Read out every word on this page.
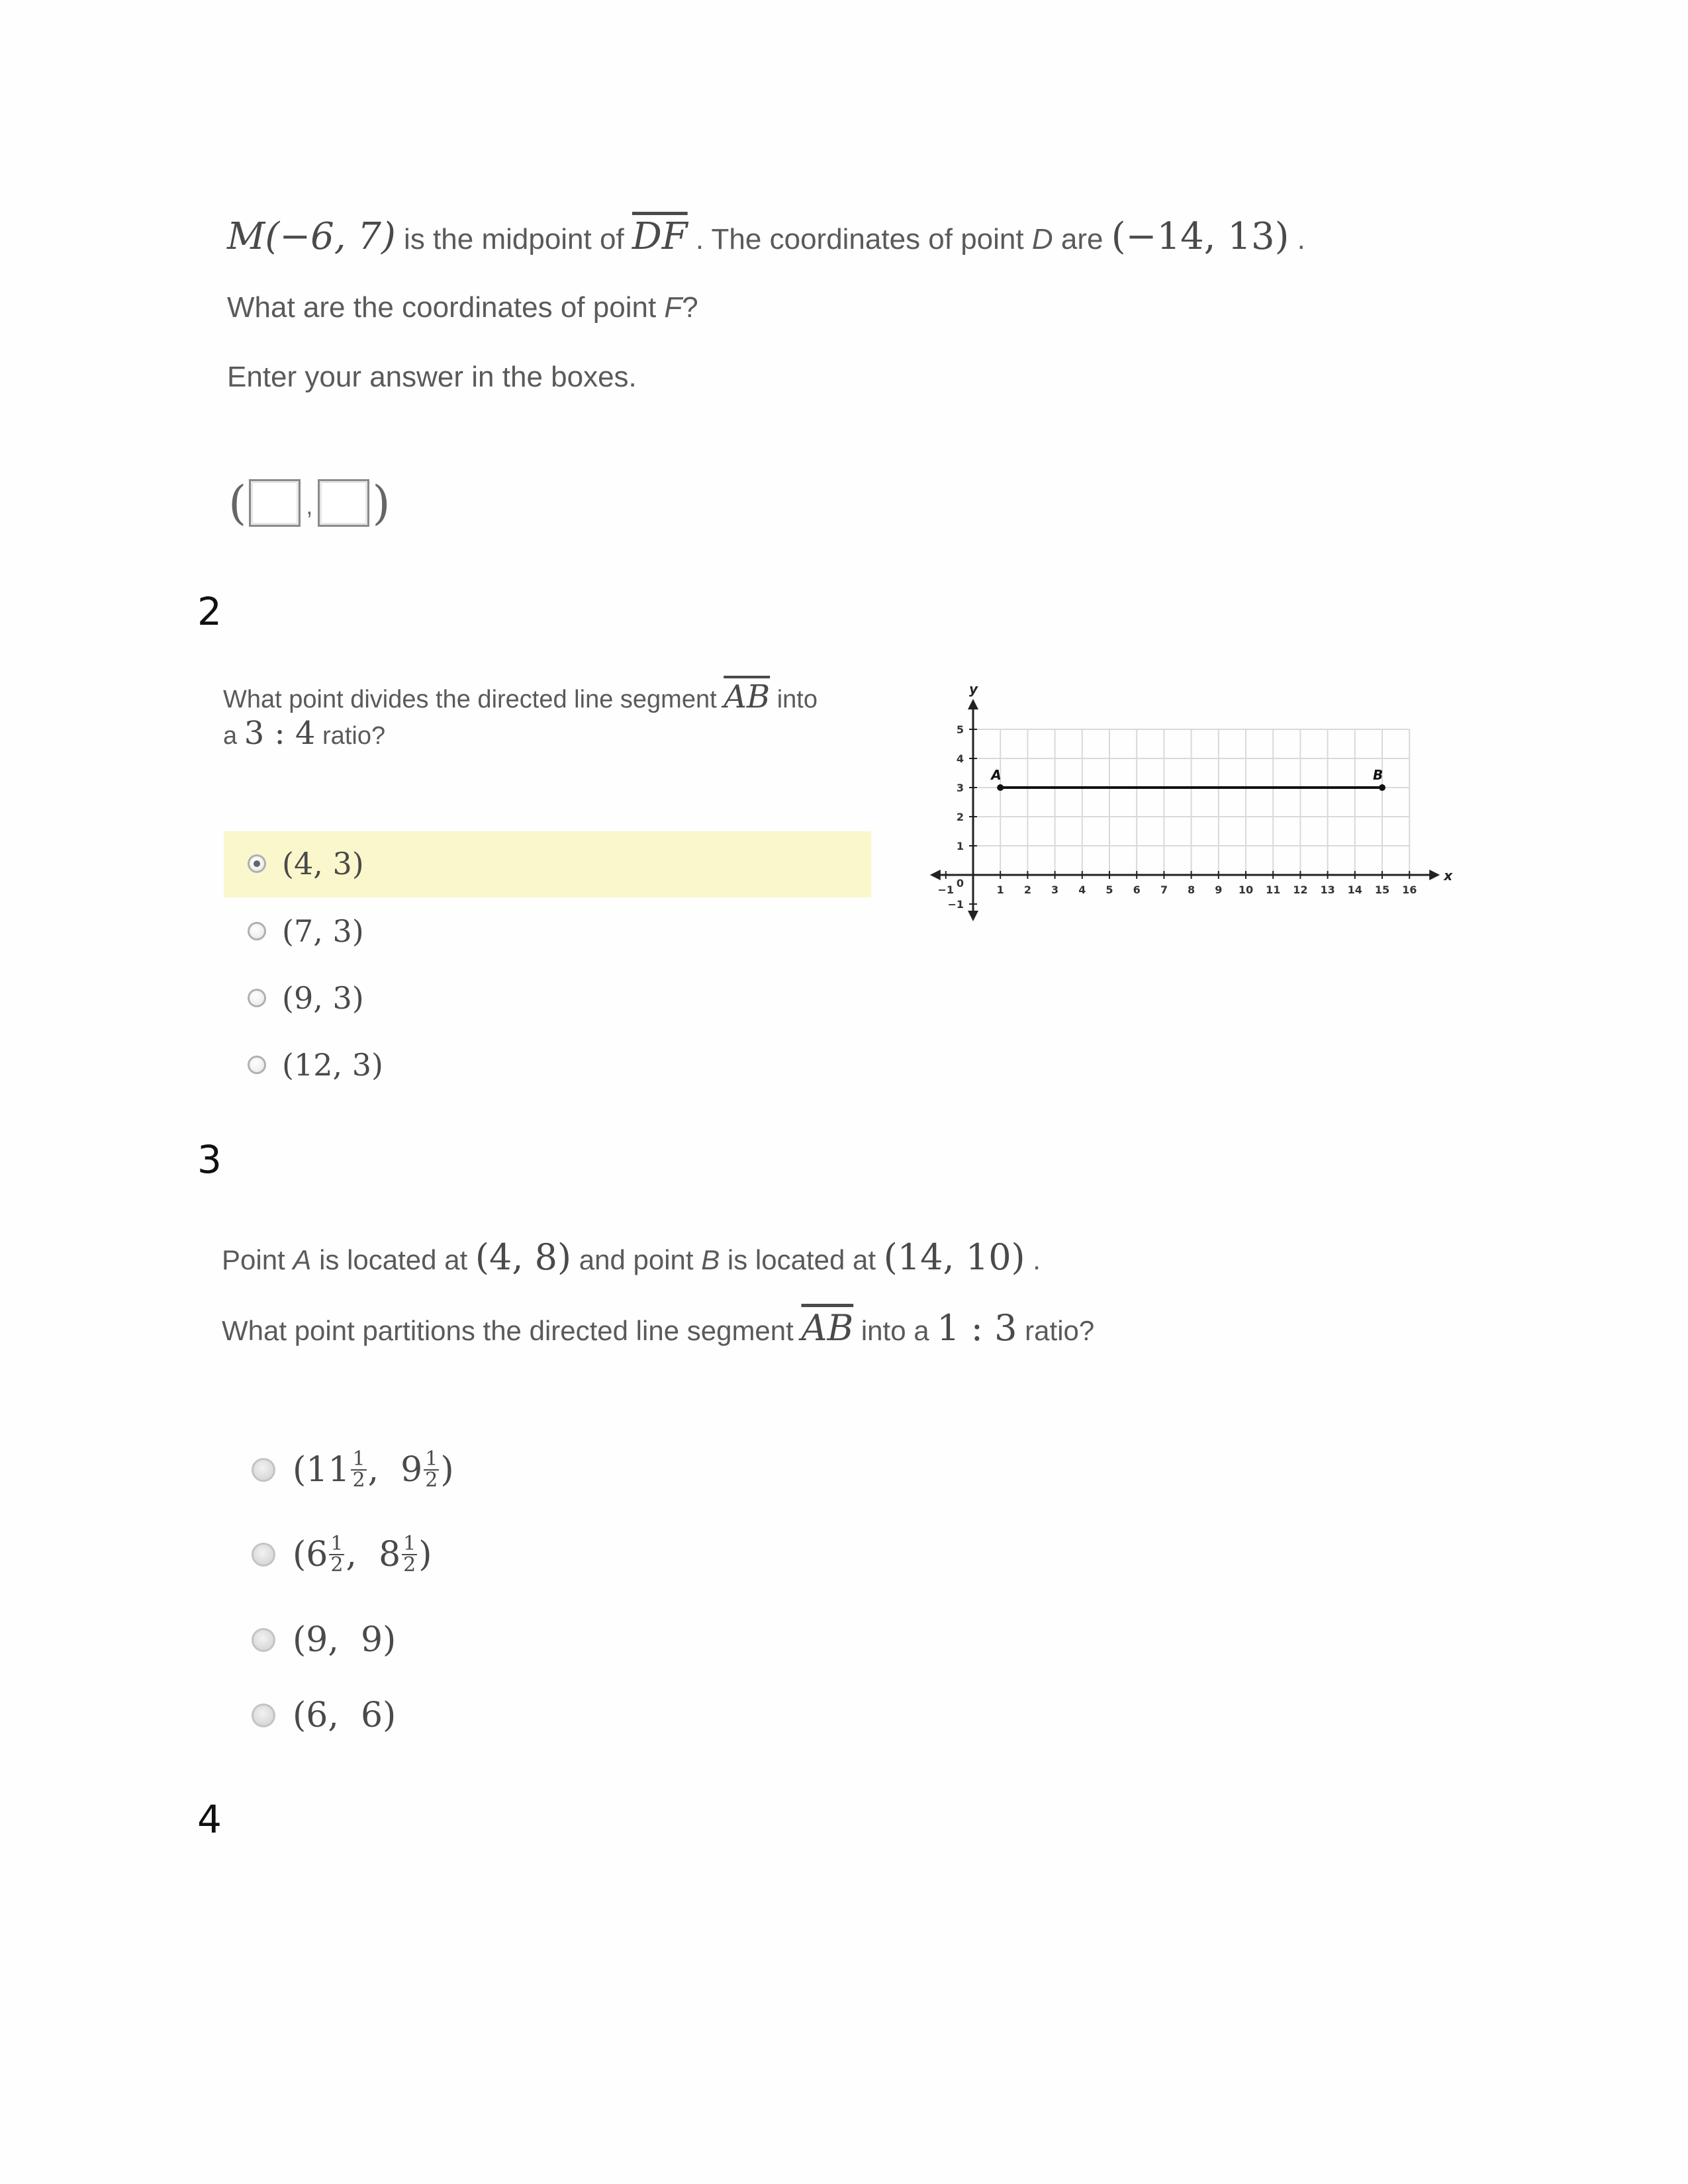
M(−6, 7) is the midpoint of $\overline{DF}$ . The coordinates of point D are (−14, 13) .
What are the coordinates of point F?
Enter your answer in the boxes.
(	, )
2
What point divides the directed line segment $\overline{AB}$ into
a 3 : 4 ratio?
(4, 3)
(7, 3)
(9, 3)
(12, 3)
x
y
−1	1 2 3 4 5 6 7 8 9 10 11 12 13 14 15 16
−1
1
2
3
4
5
0
A	B
3
Point A is located at (4, 8) and point B is located at (14, 10) .
What point partitions the directed line segment $\overline{AB}$ into a 1 : 3 ratio?
( $11 \frac{1}{2}$ , $9 \frac{1}{2}$ )
( $6 \frac{1}{2}$ , $8 \frac{1}{2}$ )
(9,  9)
(6,  6)
4
